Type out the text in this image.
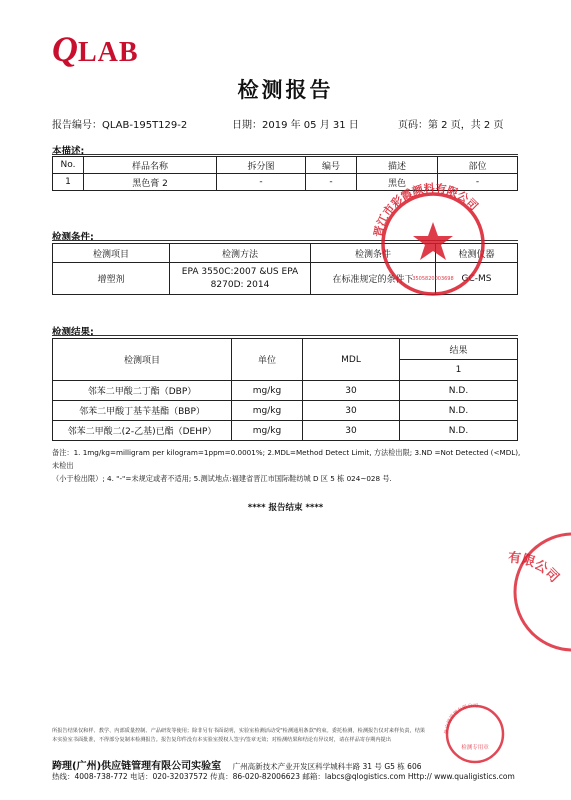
QLAB
检测报告
报告编号：QLAB-195T129-2	日期：2019 年 05 月 31 日	页码：第 2 页，共 2 页
本描述:
No.	样品名称	拆分图	编号	描述	部位
1	黑色膏 2	-	-	黑色	-
检测条件:
检测项目	检测方法	检测条件	检测仪器
增塑剂	EPA 3550C:2007 &US EPA
8270D: 2014	在标准规定的条件下	GC-MS
检测结果:
检测项目	单位	MDL	结果
			1
邻苯二甲酸二丁酯（DBP）	mg/kg	30	N.D.
邻苯二甲酸丁基苄基酯（BBP）	mg/kg	30	N.D.
邻苯二甲酸二(2-乙基)已酯（DEHP）	mg/kg	30	N.D.
备注：1. 1mg/kg=milligram per kilogram=1ppm=0.0001%; 2.MDL=Method Detect Limit, 方法检出限; 3.ND =Not Detected (<MDL), 未检出
（小于检出限）; 4. "-"=未规定或者不适用; 5.测试地点:福建省晋江市国际鞋纺城 D 区 5 栋 024~028 号.
**** 报告结束 ****
晋江市彩霞颜料有限公司
3505820003698
有限公司
供应链管理有限公司
检测专用章
所报告结果仅和样、教学、内部质量控制、产品研发等使用；除非另有书面说明，实验室检测活动受"检测通用条款"约束。委托检测，检测报告仅对来样负责，结果
本实验室书面批准，不得部分复制本检测报告。报告复印件没有本实验室授权人签字/签章无效；对检测结果和结论有异议时，请在样品寄存期内提出
跨理(广州)供应链管理有限公司实验室 广州高新技术产业开发区科学城科丰路 31 号 G5 栋 606
热线：4008-738-772 电话：020-32037572 传真：86-020-82006623 邮箱：labcs@qlogistics.com Http:// www.qualigistics.com
